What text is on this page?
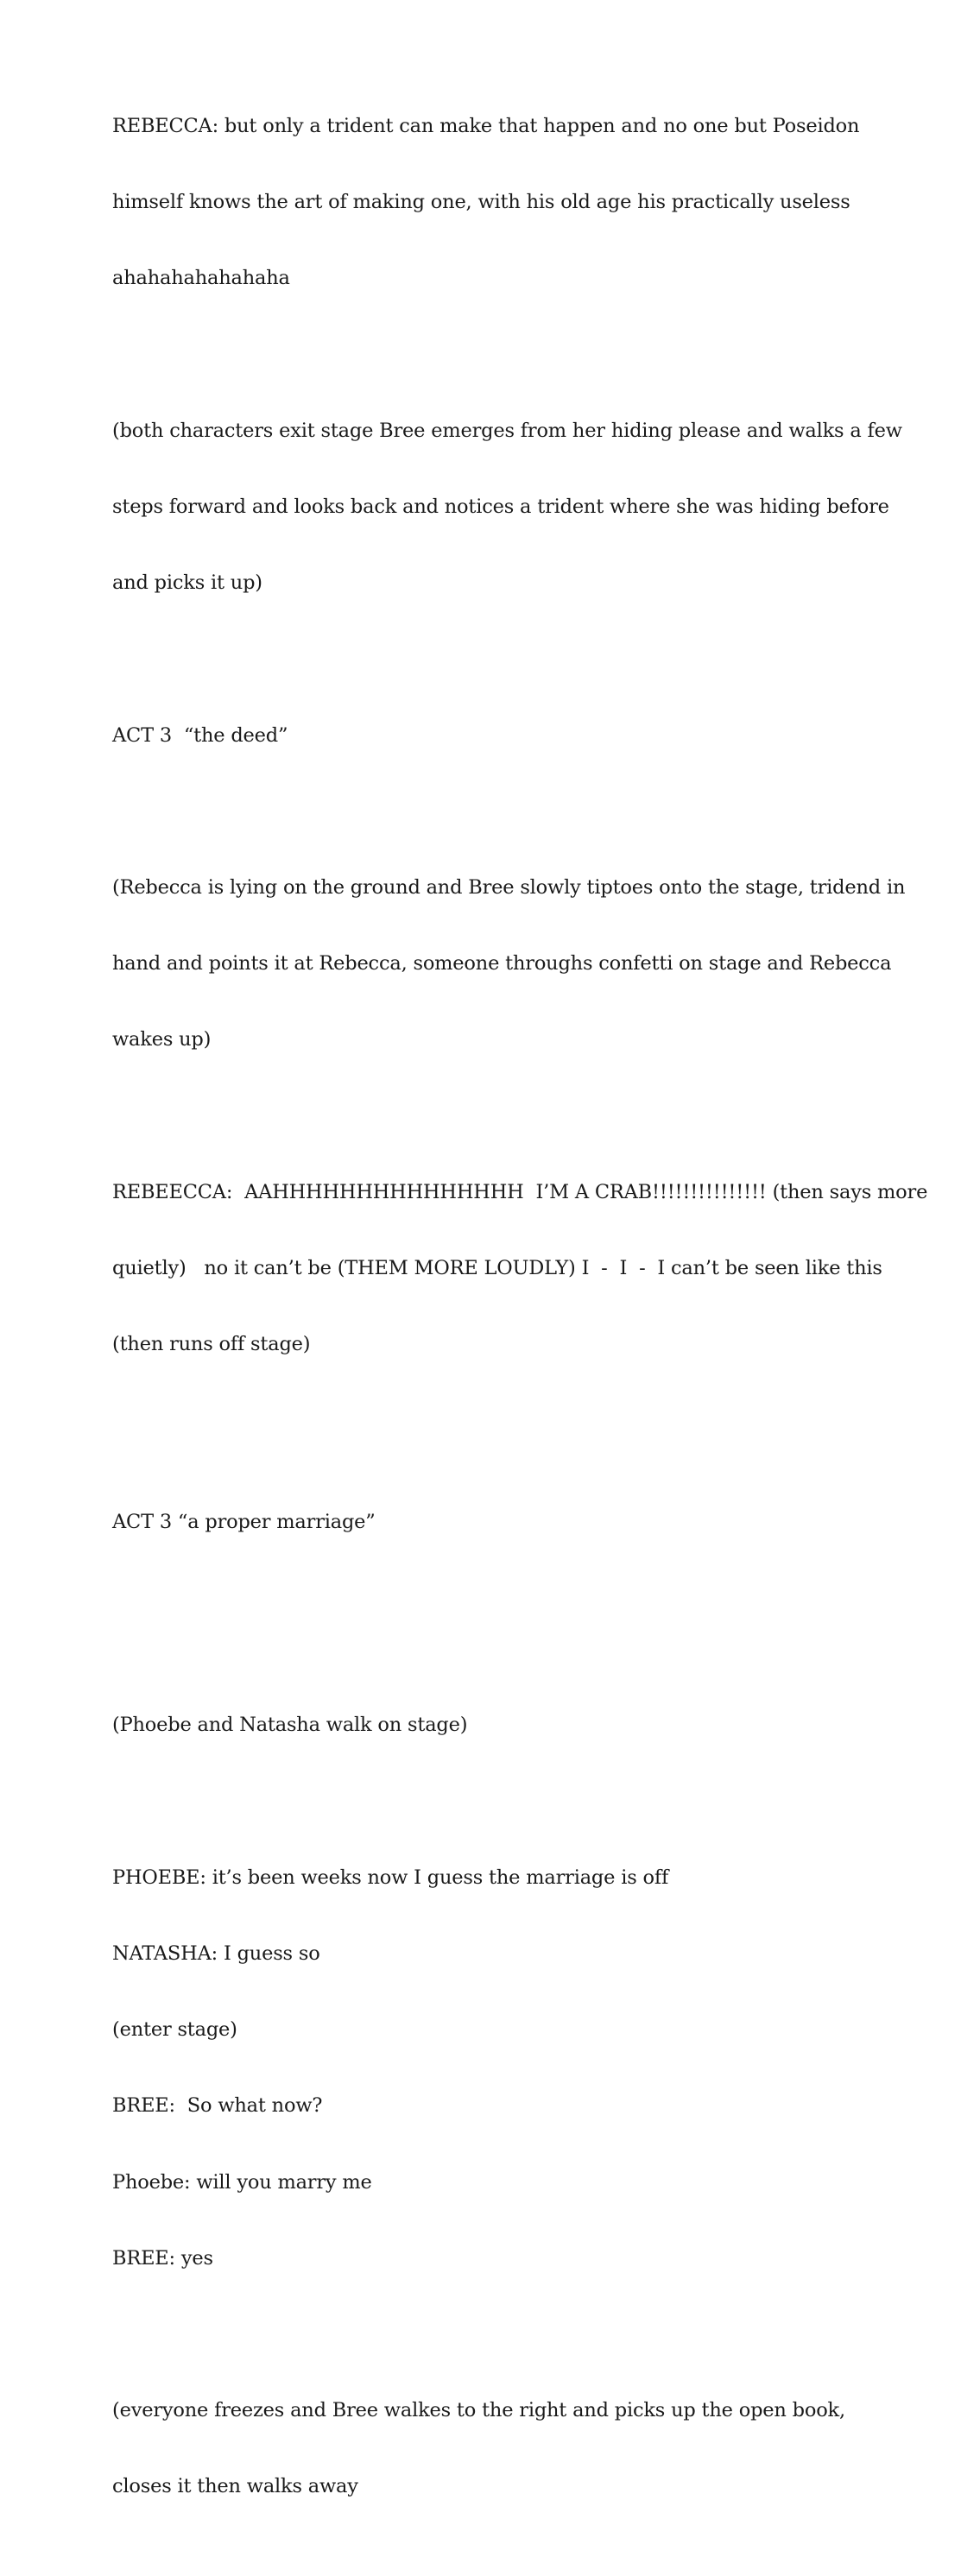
REBECCA: but only a trident can make that happen and no one but Poseidon

himself knows the art of making one, with his old age his practically useless

ahahahahahahaha

(both characters exit stage Bree emerges from her hiding please and walks a few

steps forward and looks back and notices a trident where she was hiding before

and picks it up)

ACT 3  “the deed”

(Rebecca is lying on the ground and Bree slowly tiptoes onto the stage, tridend in

hand and points it at Rebecca, someone throughs confetti on stage and Rebecca

wakes up)

REBEECCA:  AAHHHHHHHHHHHHHHH  I’M A CRAB!!!!!!!!!!!!!!! (then says more

quietly)   no it can’t be (THEM MORE LOUDLY) I  -  I  -  I can’t be seen like this

(then runs off stage)

ACT 3 “a proper marriage”

(Phoebe and Natasha walk on stage)

PHOEBE: it’s been weeks now I guess the marriage is off

NATASHA: I guess so

(enter stage)

BREE:  So what now?

Phoebe: will you marry me

BREE: yes

(everyone freezes and Bree walkes to the right and picks up the open book,

closes it then walks away
